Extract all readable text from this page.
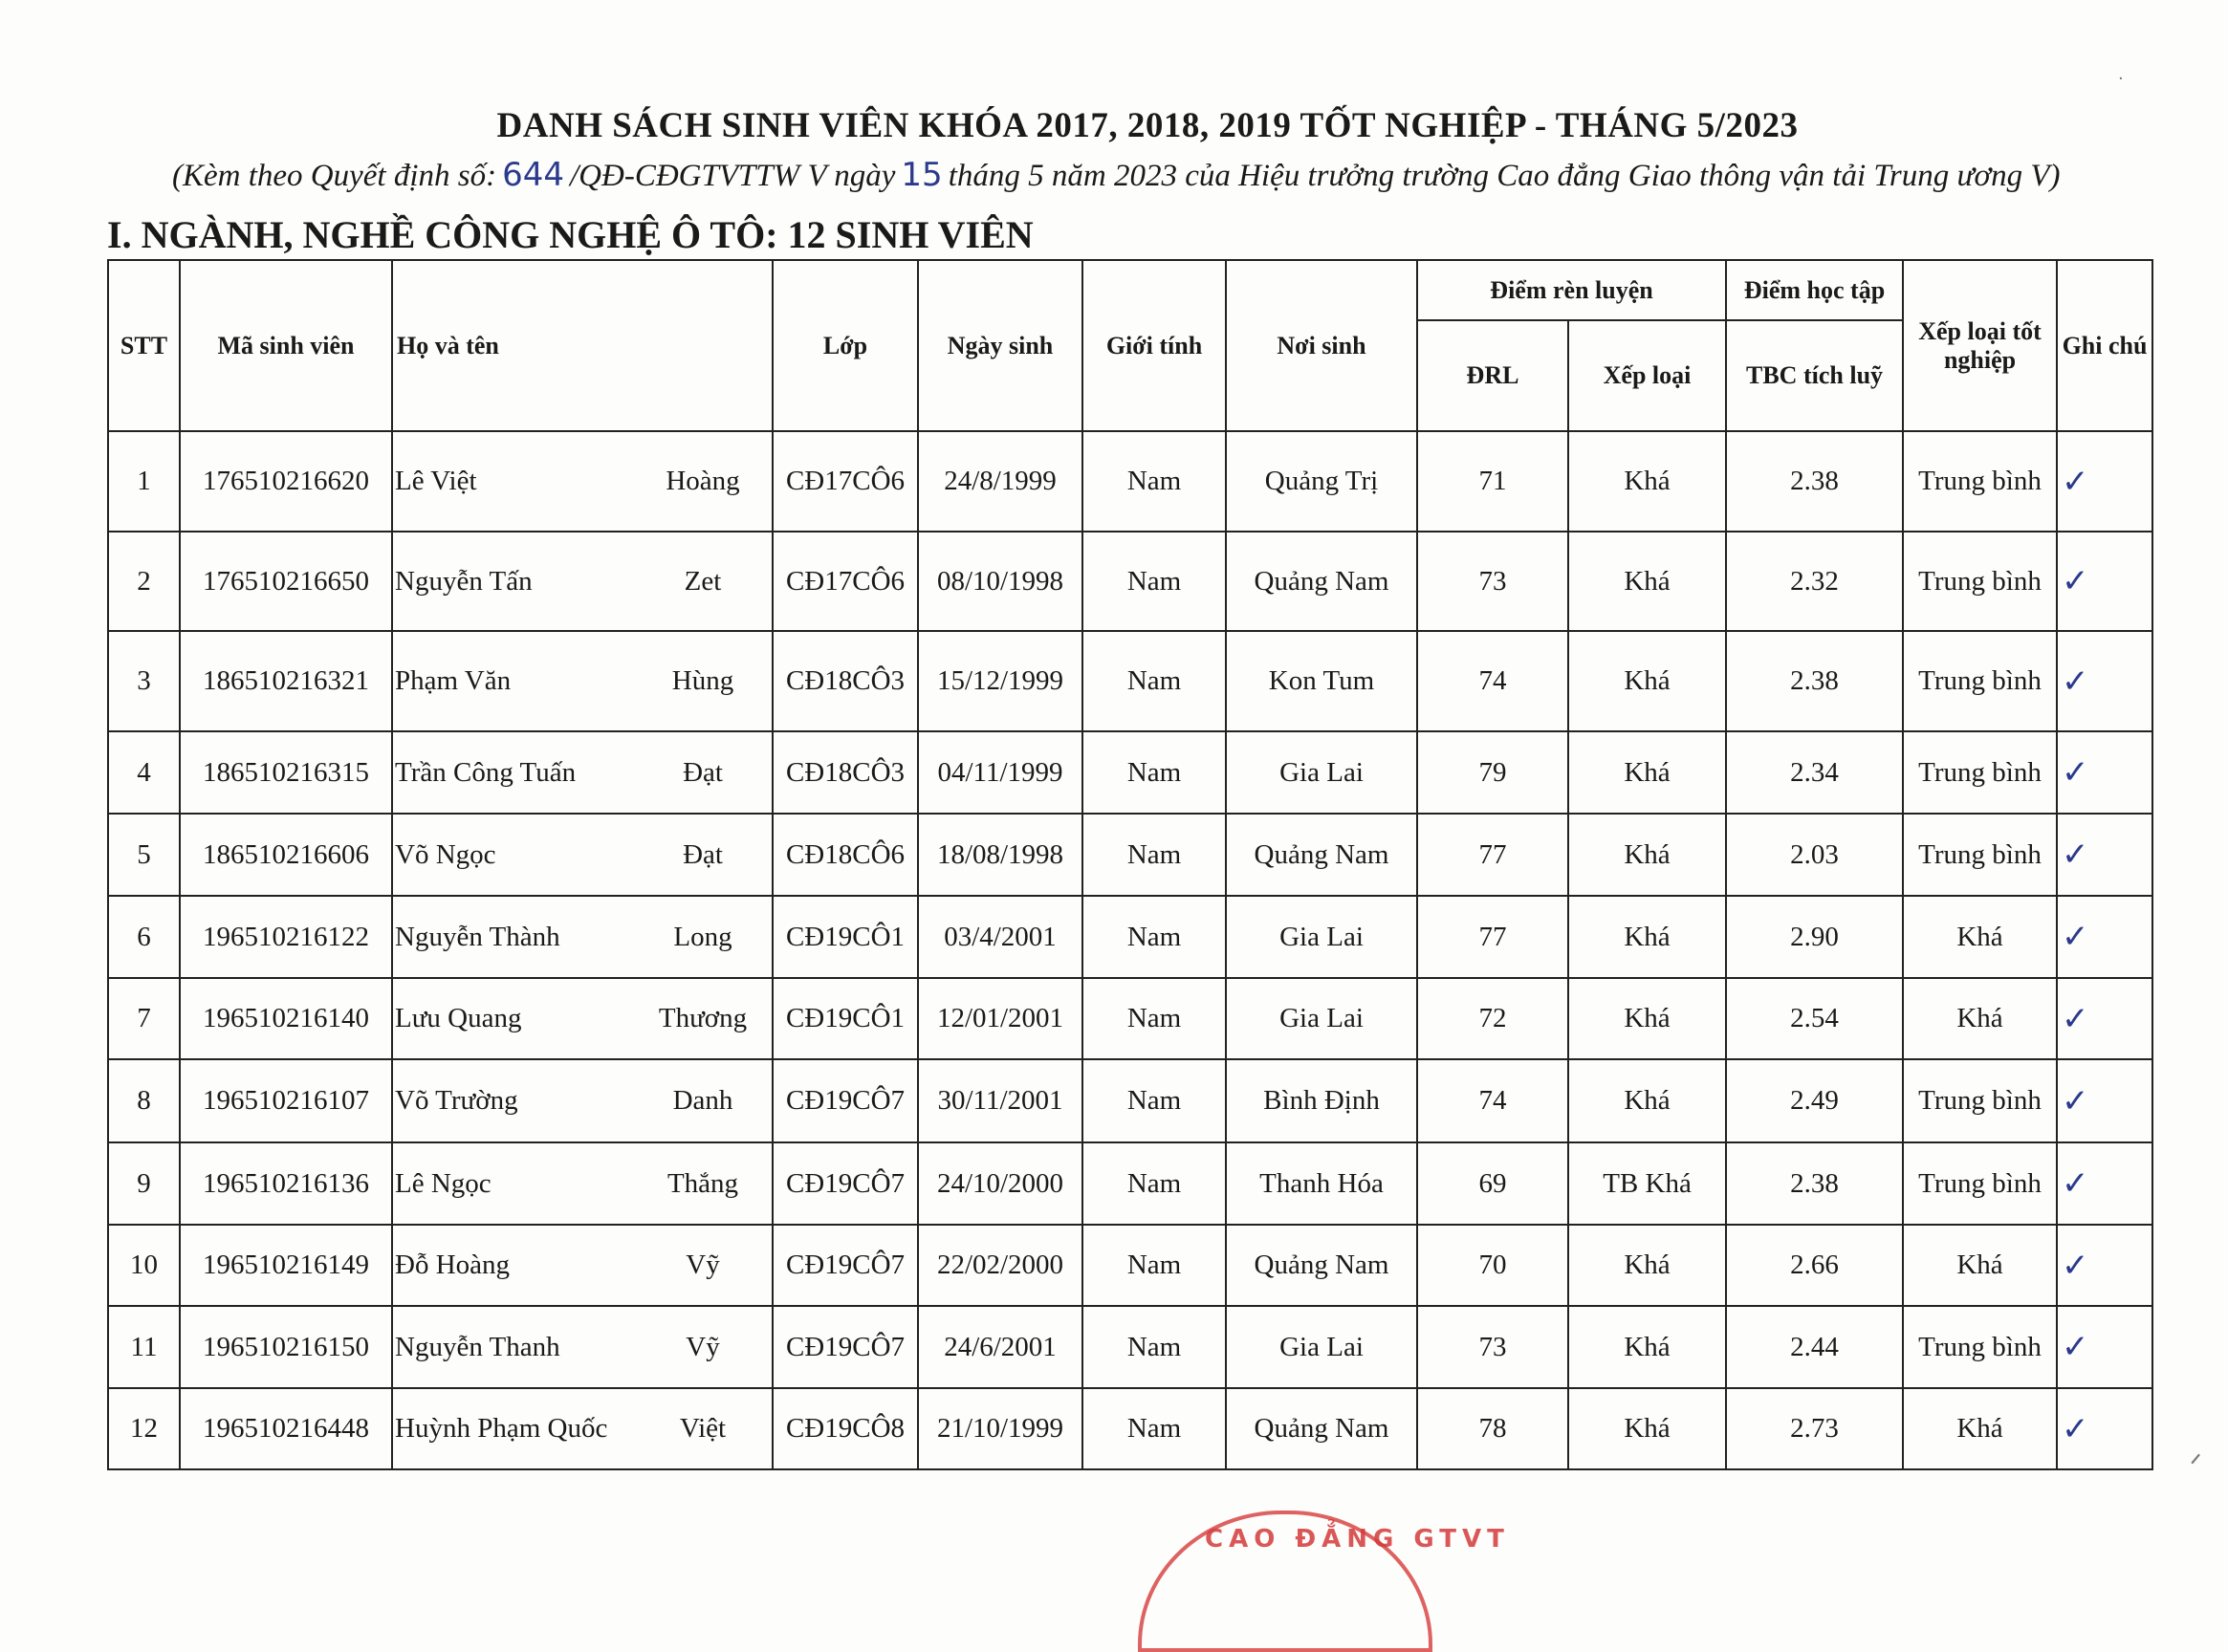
DANH SÁCH SINH VIÊN KHÓA 2017, 2018, 2019 TỐT NGHIỆP - THÁNG 5/2023
(Kèm theo Quyết định số: 644 /QĐ-CĐGTVTTW V ngày 15 tháng 5 năm 2023 của Hiệu trưởng trường Cao đẳng Giao thông vận tải Trung ương V)
I. NGÀNH, NGHỀ CÔNG NGHỆ Ô TÔ: 12 SINH VIÊN
STT	Mã sinh viên	Họ và tên	Lớp	Ngày sinh	Giới tính	Nơi sinh	Điểm rèn luyện		Điểm học tập	Xếp loại tốt nghiệp	Ghi chú
							ĐRL	Xếp loại	TBC tích luỹ		
1	176510216620	Lê Việt Hoàng	CĐ17CÔ6	24/8/1999	Nam	Quảng Trị	71	Khá	2.38	Trung bình	✓
2	176510216650	Nguyễn Tấn Zet	CĐ17CÔ6	08/10/1998	Nam	Quảng Nam	73	Khá	2.32	Trung bình	✓
3	186510216321	Phạm Văn Hùng	CĐ18CÔ3	15/12/1999	Nam	Kon Tum	74	Khá	2.38	Trung bình	✓
4	186510216315	Trần Công Tuấn Đạt	CĐ18CÔ3	04/11/1999	Nam	Gia Lai	79	Khá	2.34	Trung bình	✓
5	186510216606	Võ Ngọc Đạt	CĐ18CÔ6	18/08/1998	Nam	Quảng Nam	77	Khá	2.03	Trung bình	✓
6	196510216122	Nguyễn Thành Long	CĐ19CÔ1	03/4/2001	Nam	Gia Lai	77	Khá	2.90	Khá	✓
7	196510216140	Lưu Quang Thương	CĐ19CÔ1	12/01/2001	Nam	Gia Lai	72	Khá	2.54	Khá	✓
8	196510216107	Võ Trường Danh	CĐ19CÔ7	30/11/2001	Nam	Bình Định	74	Khá	2.49	Trung bình	✓
9	196510216136	Lê Ngọc Thắng	CĐ19CÔ7	24/10/2000	Nam	Thanh Hóa	69	TB Khá	2.38	Trung bình	✓
10	196510216149	Đỗ Hoàng Vỹ	CĐ19CÔ7	22/02/2000	Nam	Quảng Nam	70	Khá	2.66	Khá	✓
11	196510216150	Nguyễn Thanh Vỹ	CĐ19CÔ7	24/6/2001	Nam	Gia Lai	73	Khá	2.44	Trung bình	✓
12	196510216448	Huỳnh Phạm Quốc Việt	CĐ19CÔ8	21/10/1999	Nam	Quảng Nam	78	Khá	2.73	Khá	✓
CAO ĐẲNG GTVT
·
ᐟ
